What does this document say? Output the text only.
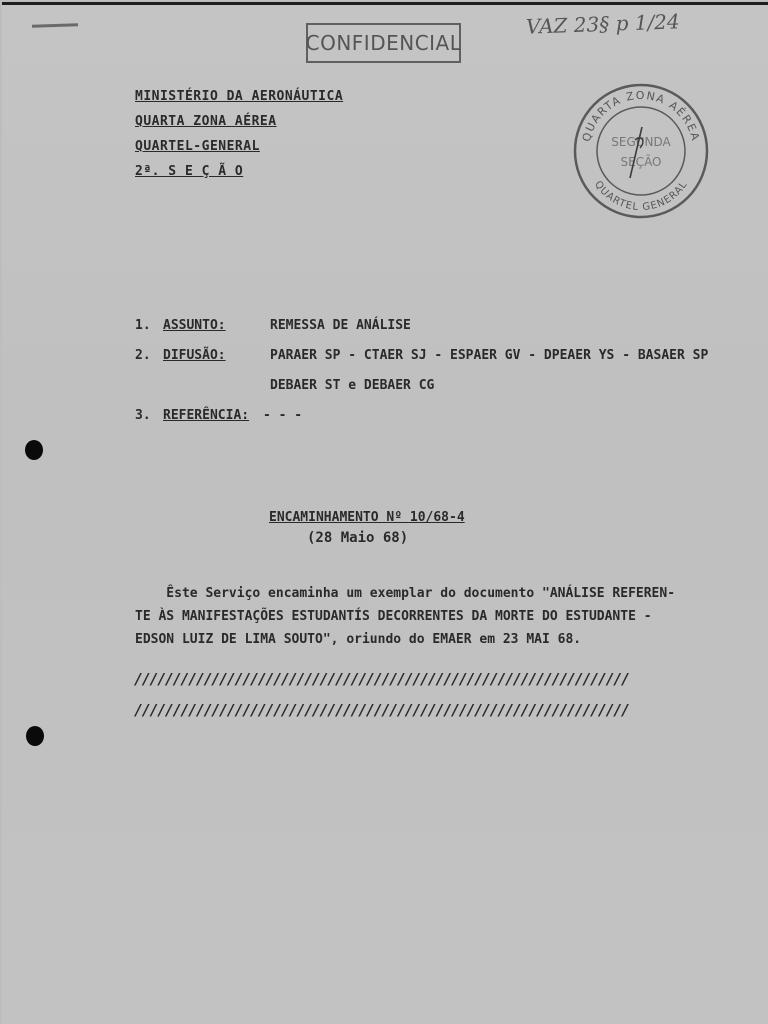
CONFIDENCIAL
VAZ 23§ p 1/24
MINISTÉRIO DA AERONÁUTICA
QUARTA ZONA AÉREA
QUARTEL-GENERAL
2ª. S E Ç Ã O
QUARTA ZONA AÉREA
QUARTEL GENERAL
SEGUNDA
SEÇÃO
1. ASSUNTO:	REMESSA DE ANÁLISE
2. DIFUSÃO:	PARAER SP - CTAER SJ - ESPAER GV - DPEAER YS - BASAER SP
DEBAER ST e DEBAER CG
3. REFERÊNCIA: - - -
ENCAMINHAMENTO Nº 10/68-4
(28 Maio 68)
Êste Serviço encaminha um exemplar do documento "ANÁLISE REFEREN-
TE ÀS MANIFESTAÇÕES ESTUDANTÍS DECORRENTES DA MORTE DO ESTUDANTE -
EDSON LUIZ DE LIMA SOUTO", oriundo do EMAER em 23 MAI 68.
////////////////////////////////////////////////////////////////
////////////////////////////////////////////////////////////////
